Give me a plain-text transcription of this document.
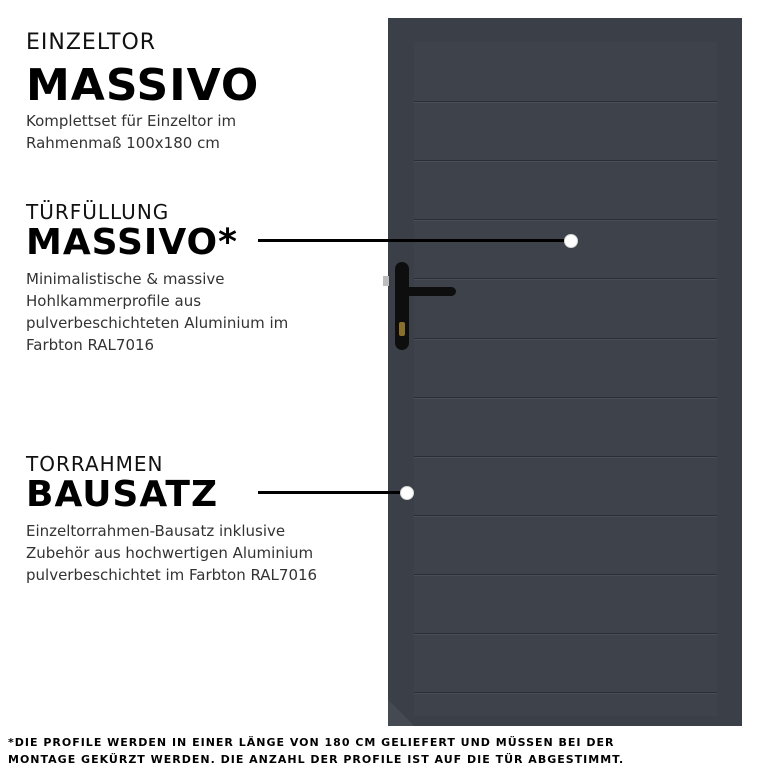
EINZELTOR
MASSIVO
Komplettset für Einzeltor im
Rahmenmaß 100x180 cm
TÜRFÜLLUNG
MASSIVO*
Minimalistische & massive
Hohlkammerprofile aus
pulverbeschichteten Aluminium im
Farbton RAL7016
TORRAHMEN
BAUSATZ
Einzeltorrahmen-Bausatz inklusive
Zubehör aus hochwertigen Aluminium
pulverbeschichtet im Farbton RAL7016
*DIE PROFILE WERDEN IN EINER LÄNGE VON 180 CM GELIEFERT UND MÜSSEN BEI DER
MONTAGE GEKÜRZT WERDEN. DIE ANZAHL DER PROFILE IST AUF DIE TÜR ABGESTIMMT.
